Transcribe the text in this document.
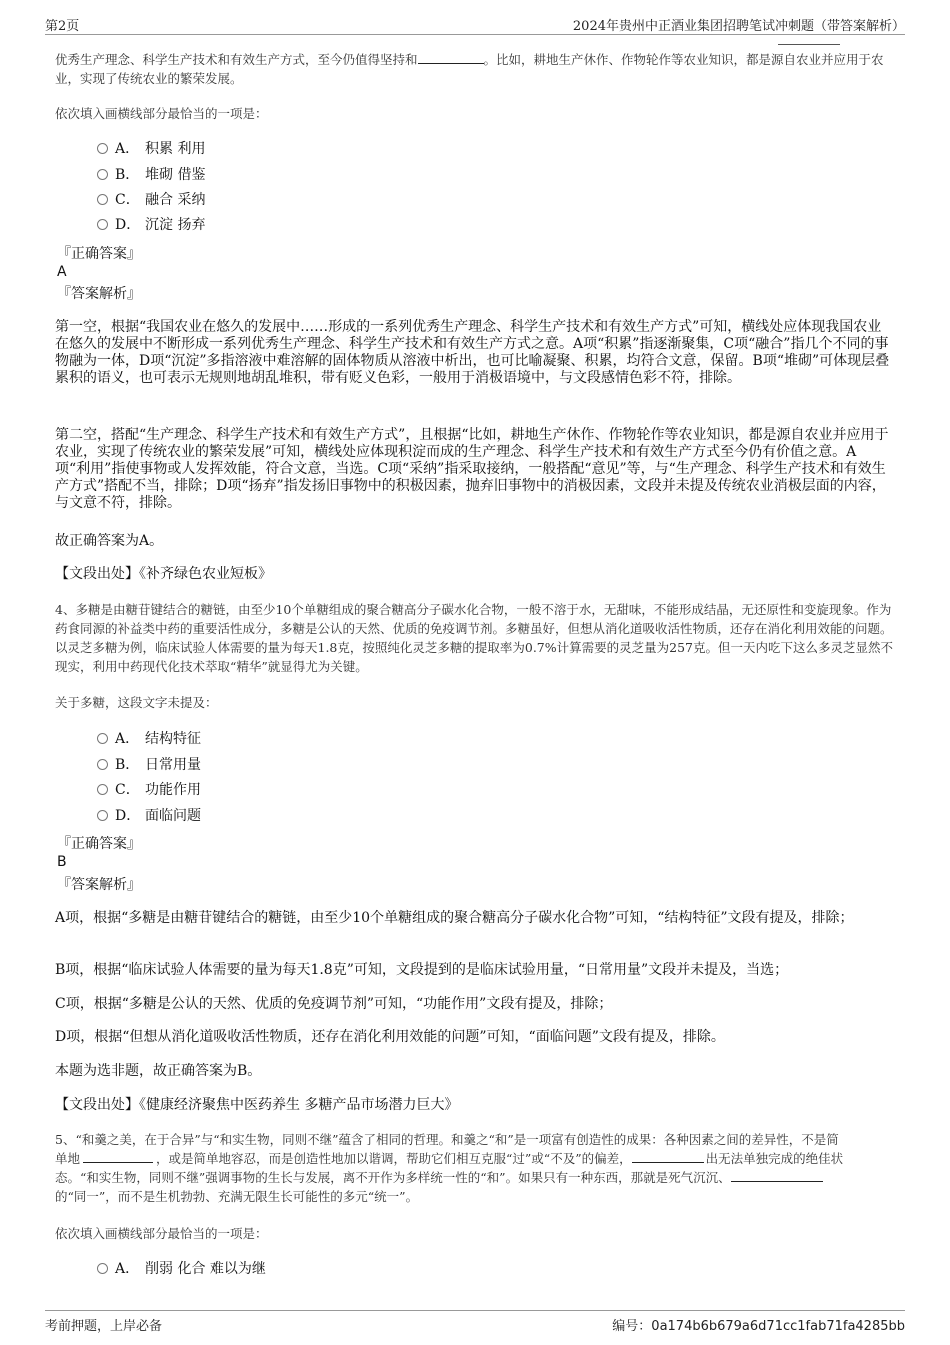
第2页	2024年贵州中正酒业集团招聘笔试冲刺题（带答案解析）
优秀生产理念、科学生产技术和有效生产方式，至今仍值得坚持和	。比如，耕地生产休作、作物轮作等农业知识，都是源自农业并应用于农业，实现了传统农业的繁荣发展。
依次填入画横线部分最恰当的一项是：
A． 积累 利用
B． 堆砌 借鉴
C． 融合 采纳
D． 沉淀 扬弃
『正确答案』
A
『答案解析』
第一空，根据“我国农业在悠久的发展中……形成的一系列优秀生产理念、科学生产技术和有效生产方式”可知，横线处应体现我国农业在悠久的发展中不断形成一系列优秀生产理念、科学生产技术和有效生产方式之意。A项“积累”指逐渐聚集，C项“融合”指几个不同的事物融为一体，D项“沉淀”多指溶液中难溶解的固体物质从溶液中析出，也可比喻凝聚、积累，均符合文意，保留。B项“堆砌”可体现层叠累积的语义，也可表示无规则地胡乱堆积，带有贬义色彩，一般用于消极语境中，与文段感情色彩不符，排除。
第二空，搭配“生产理念、科学生产技术和有效生产方式”，且根据“比如，耕地生产休作、作物轮作等农业知识，都是源自农业并应用于农业，实现了传统农业的繁荣发展”可知，横线处应体现积淀而成的生产理念、科学生产技术和有效生产方式至今仍有价值之意。A项“利用”指使事物或人发挥效能，符合文意，当选。C项“采纳”指采取接纳，一般搭配“意见”等，与“生产理念、科学生产技术和有效生产方式”搭配不当，排除；D项“扬弃”指发扬旧事物中的积极因素，抛弃旧事物中的消极因素，文段并未提及传统农业消极层面的内容，与文意不符，排除。
故正确答案为A。
【文段出处】《补齐绿色农业短板》
4、多糖是由糖苷键结合的糖链，由至少10个单糖组成的聚合糖高分子碳水化合物，一般不溶于水，无甜味，不能形成结晶，无还原性和变旋现象。作为药食同源的补益类中药的重要活性成分，多糖是公认的天然、优质的免疫调节剂。多糖虽好，但想从消化道吸收活性物质，还存在消化利用效能的问题。以灵芝多糖为例，临床试验人体需要的量为每天1.8克，按照纯化灵芝多糖的提取率为0.7%计算需要的灵芝量为257克。但一天内吃下这么多灵芝显然不现实，利用中药现代化技术萃取“精华”就显得尤为关键。
关于多糖，这段文字未提及：
A． 结构特征
B． 日常用量
C． 功能作用
D． 面临问题
『正确答案』
B
『答案解析』
A项，根据“多糖是由糖苷键结合的糖链，由至少10个单糖组成的聚合糖高分子碳水化合物”可知，“结构特征”文段有提及，排除；
B项，根据“临床试验人体需要的量为每天1.8克”可知，文段提到的是临床试验用量，“日常用量”文段并未提及，当选；
C项，根据“多糖是公认的天然、优质的免疫调节剂”可知，“功能作用”文段有提及，排除；
D项，根据“但想从消化道吸收活性物质，还存在消化利用效能的问题”可知，“面临问题”文段有提及，排除。
本题为选非题，故正确答案为B。
【文段出处】《健康经济聚焦中医药养生 多糖产品市场潜力巨大》
5、“和羹之美，在于合异”与“和实生物，同则不继”蕴含了相同的哲理。和羹之“和”是一项富有创造性的成果：各种因素之间的差异性，不是简
单地	，或是简单地容忍，而是创造性地加以谐调，帮助它们相互克服“过”或“不及”的偏差，	出无法单独完成的绝佳状
态。“和实生物，同则不继”强调事物的生长与发展，离不开作为多样统一性的“和”。如果只有一种东西，那就是死气沉沉、
的“同一”，而不是生机勃勃、充满无限生长可能性的多元“统一”。
依次填入画横线部分最恰当的一项是：
A． 削弱 化合 难以为继
考前押题，上岸必备	编号：0a174b6b679a6d71cc1fab71fa4285bb
